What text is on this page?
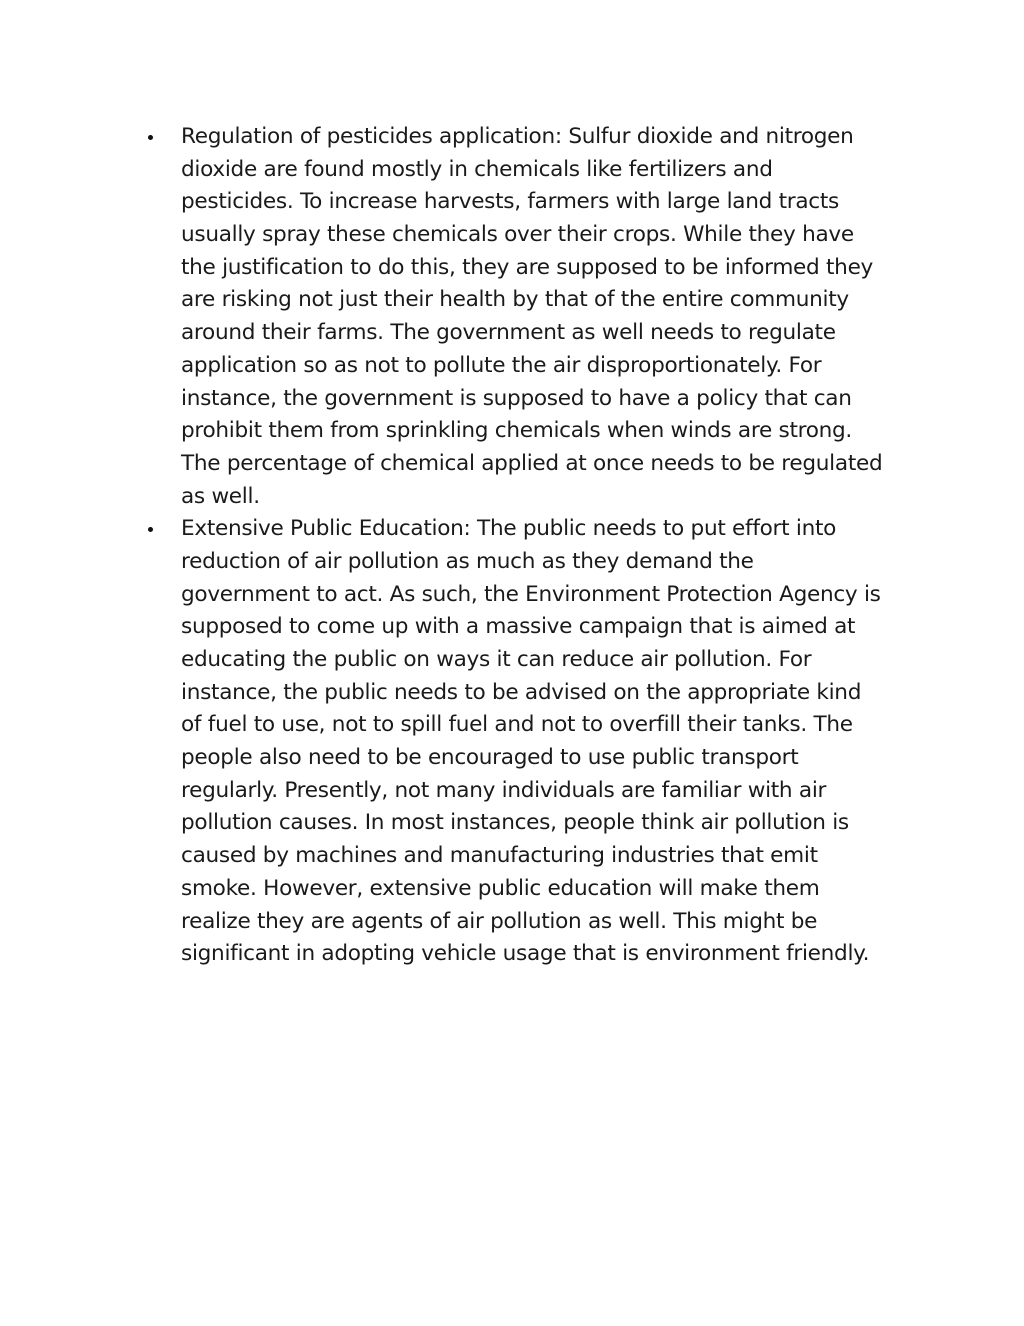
Regulation of pesticides application: Sulfur dioxide and nitrogen
dioxide are found mostly in chemicals like fertilizers and
pesticides. To increase harvests, farmers with large land tracts
usually spray these chemicals over their crops. While they have
the justification to do this, they are supposed to be informed they
are risking not just their health by that of the entire community
around their farms. The government as well needs to regulate
application so as not to pollute the air disproportionately. For
instance, the government is supposed to have a policy that can
prohibit them from sprinkling chemicals when winds are strong.
The percentage of chemical applied at once needs to be regulated
as well.
Extensive Public Education: The public needs to put effort into
reduction of air pollution as much as they demand the
government to act. As such, the Environment Protection Agency is
supposed to come up with a massive campaign that is aimed at
educating the public on ways it can reduce air pollution. For
instance, the public needs to be advised on the appropriate kind
of fuel to use, not to spill fuel and not to overfill their tanks. The
people also need to be encouraged to use public transport
regularly. Presently, not many individuals are familiar with air
pollution causes. In most instances, people think air pollution is
caused by machines and manufacturing industries that emit
smoke. However, extensive public education will make them
realize they are agents of air pollution as well. This might be
significant in adopting vehicle usage that is environment friendly.
